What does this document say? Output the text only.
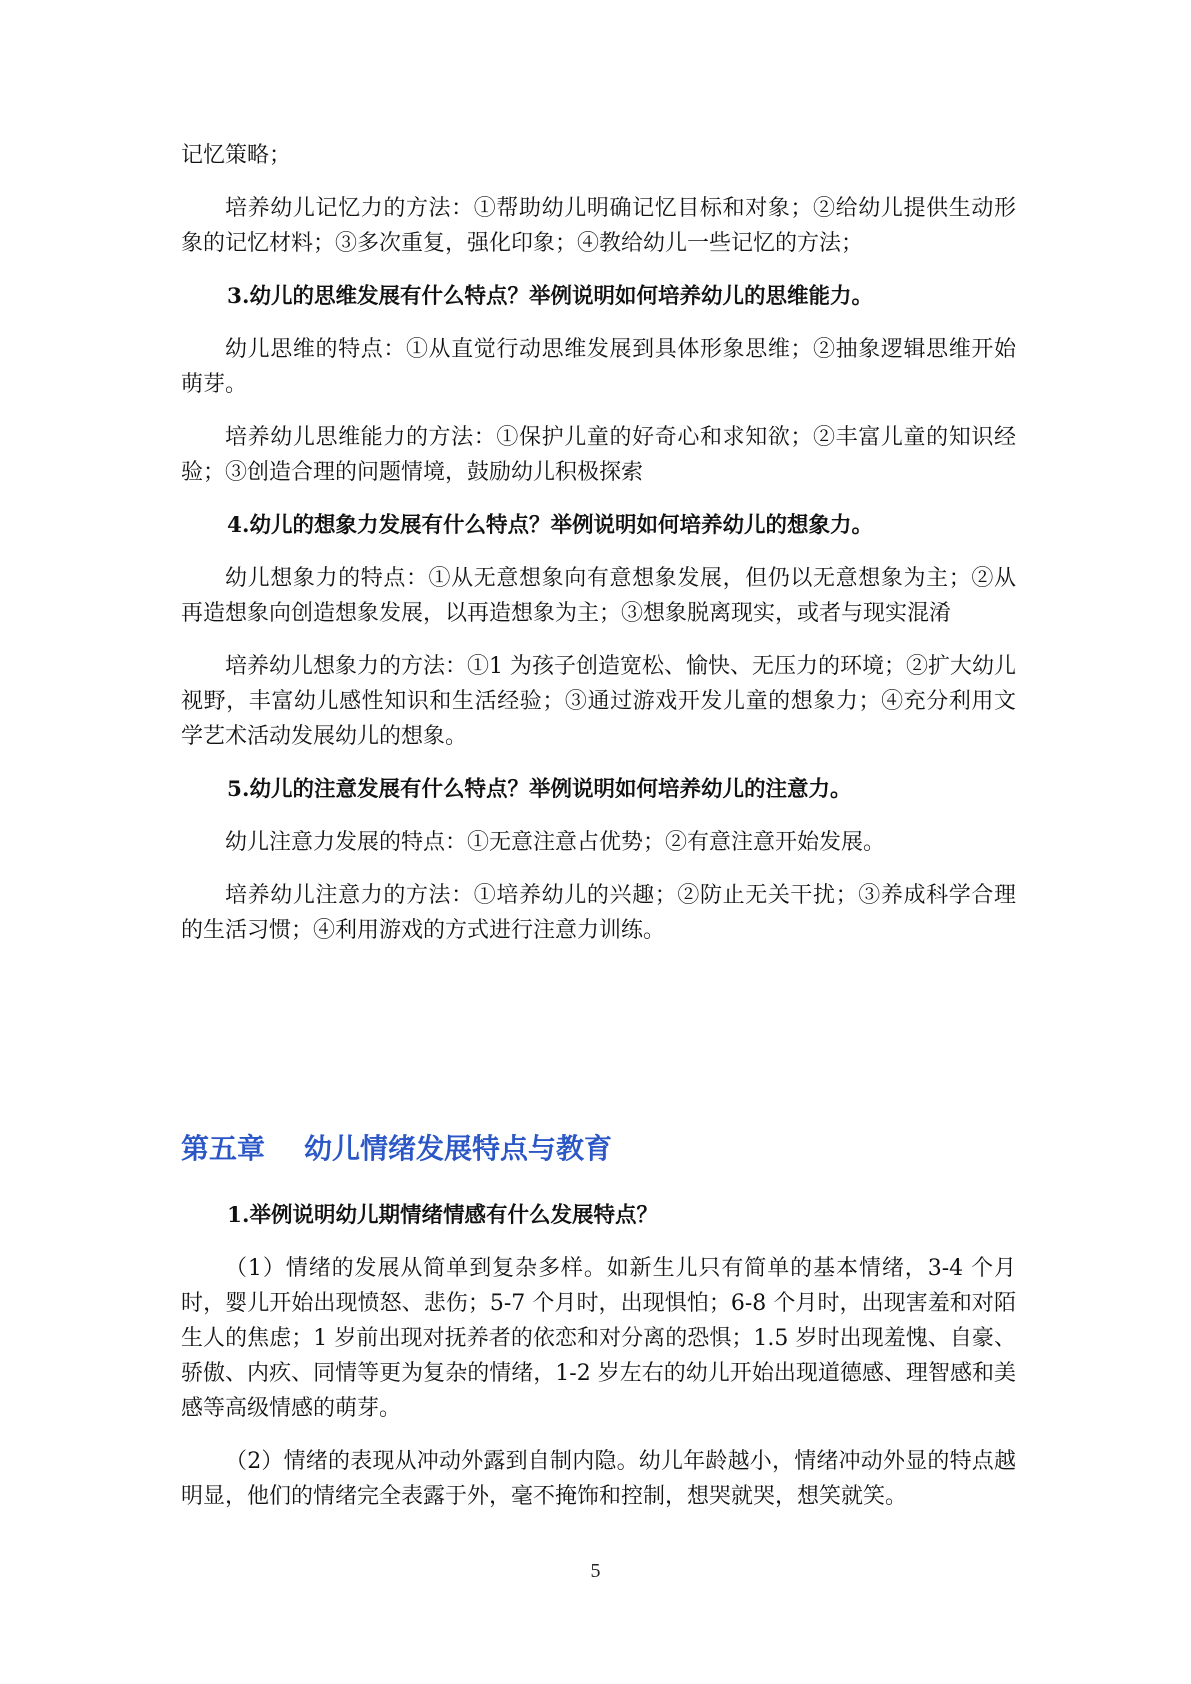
记忆策略；

培养幼儿记忆力的方法：①帮助幼儿明确记忆目标和对象；②给幼儿提供生动形象的记忆材料；③多次重复，强化印象；④教给幼儿一些记忆的方法；

3.幼儿的思维发展有什么特点？举例说明如何培养幼儿的思维能力。

幼儿思维的特点：①从直觉行动思维发展到具体形象思维；②抽象逻辑思维开始萌芽。

培养幼儿思维能力的方法：①保护儿童的好奇心和求知欲；②丰富儿童的知识经验；③创造合理的问题情境，鼓励幼儿积极探索

4.幼儿的想象力发展有什么特点？举例说明如何培养幼儿的想象力。

幼儿想象力的特点：①从无意想象向有意想象发展，但仍以无意想象为主；②从再造想象向创造想象发展，以再造想象为主；③想象脱离现实，或者与现实混淆

培养幼儿想象力的方法：①1 为孩子创造宽松、愉快、无压力的环境；②扩大幼儿视野，丰富幼儿感性知识和生活经验；③通过游戏开发儿童的想象力；④充分利用文学艺术活动发展幼儿的想象。

5.幼儿的注意发展有什么特点？举例说明如何培养幼儿的注意力。

幼儿注意力发展的特点：①无意注意占优势；②有意注意开始发展。

培养幼儿注意力的方法：①培养幼儿的兴趣；②防止无关干扰；③养成科学合理的生活习惯；④利用游戏的方式进行注意力训练。

第五章    幼儿情绪发展特点与教育

1.举例说明幼儿期情绪情感有什么发展特点？

（1）情绪的发展从简单到复杂多样。如新生儿只有简单的基本情绪，3-4 个月时，婴儿开始出现愤怒、悲伤；5-7 个月时，出现惧怕；6-8 个月时，出现害羞和对陌生人的焦虑；1 岁前出现对抚养者的依恋和对分离的恐惧；1.5 岁时出现羞愧、自豪、骄傲、内疚、同情等更为复杂的情绪，1-2 岁左右的幼儿开始出现道德感、理智感和美感等高级情感的萌芽。

（2）情绪的表现从冲动外露到自制内隐。幼儿年龄越小，情绪冲动外显的特点越明显，他们的情绪完全表露于外，毫不掩饰和控制，想哭就哭，想笑就笑。

5
